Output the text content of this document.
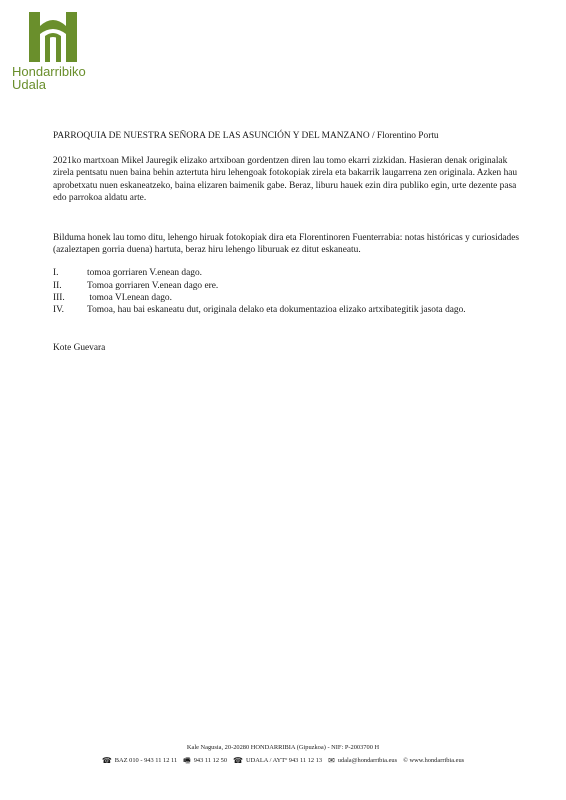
Hondarribiko
Udala

PARROQUIA DE NUESTRA SEÑORA DE LAS ASUNCIÓN Y DEL MANZANO / Florentino Portu

2021ko martxoan Mikel Jauregik elizako artxiboan gordentzen diren lau tomo ekarri zizkidan. Hasieran denak originalak zirela pentsatu nuen baina behin aztertuta hiru lehengoak fotokopiak zirela eta bakarrik laugarrena zen originala. Azken hau aprobetxatu nuen eskaneatzeko, baina elizaren baimenik gabe. Beraz, liburu hauek ezin dira publiko egin, urte dezente pasa edo parrokoa aldatu arte.

Bilduma honek lau tomo ditu, lehengo hiruak fotokopiak dira eta Florentinoren Fuenterrabia: notas históricas y curiosidades (azaleztapen gorria duena) hartuta, beraz hiru lehengo liburuak ez ditut eskaneatu.

I.	tomoa gorriaren V.enean dago.
II.	Tomoa gorriaren V.enean dago ere.
III.	tomoa VI.enean dago.
IV.	Tomoa, hau bai eskaneatu dut, originala delako eta dokumentazioa elizako artxibategitik jasota dago.

Kote Guevara

Kale Nagusia, 20-20280 HONDARRIBIA (Gipuzkoa) - NIF: P-2003700 H
☎ BAZ 010 - 943 11 12 11 🖷 943 11 12 50 ☎ UDALA / AYTº 943 11 12 13 ✉ udala@hondarribia.eus © www.hondarribia.eus
